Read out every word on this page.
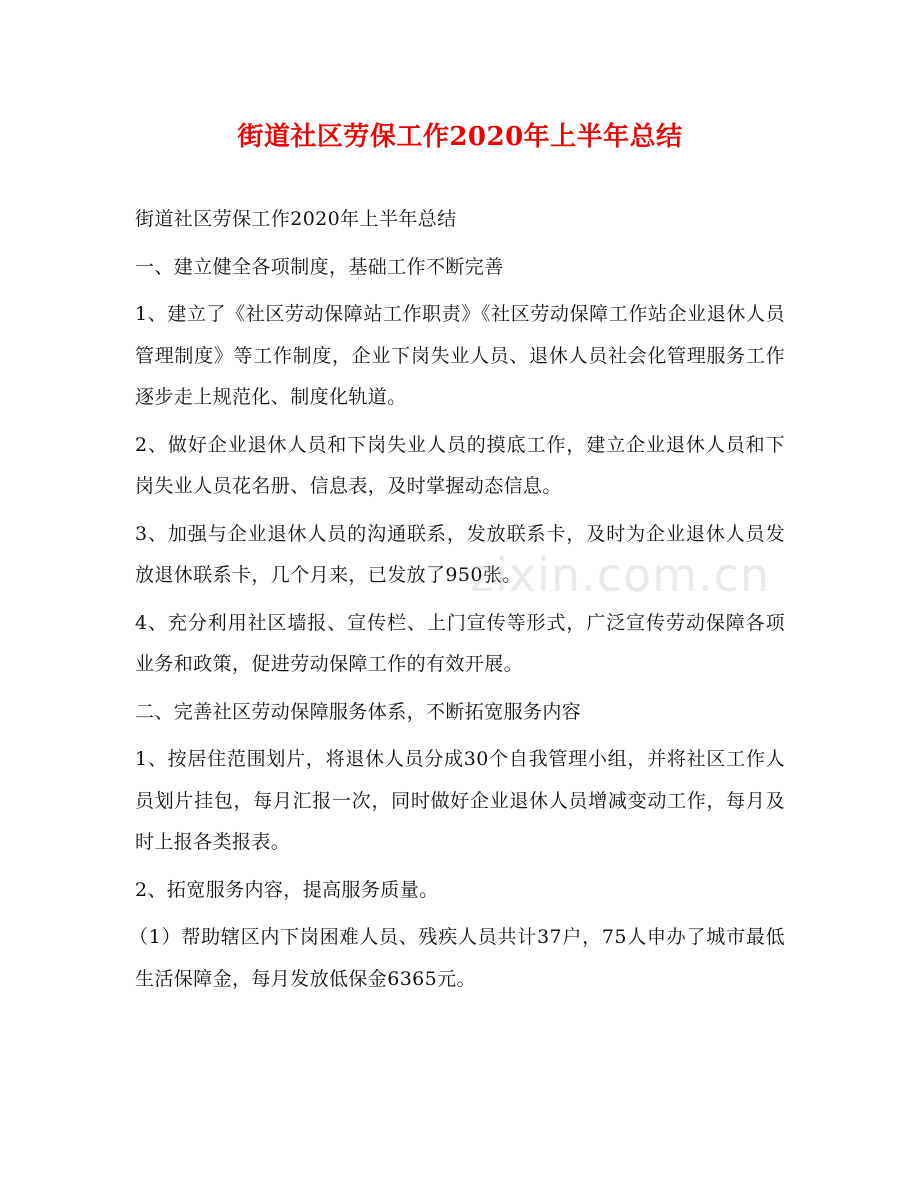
街道社区劳保工作2020年上半年总结

街道社区劳保工作2020年上半年总结

一、建立健全各项制度，基础工作不断完善

1、建立了《社区劳动保障站工作职责》《社区劳动保障工作站企业退休人员管理制度》等工作制度，企业下岗失业人员、退休人员社会化管理服务工作逐步走上规范化、制度化轨道。

2、做好企业退休人员和下岗失业人员的摸底工作，建立企业退休人员和下岗失业人员花名册、信息表，及时掌握动态信息。

3、加强与企业退休人员的沟通联系，发放联系卡，及时为企业退休人员发放退休联系卡，几个月来，已发放了950张。

4、充分利用社区墙报、宣传栏、上门宣传等形式，广泛宣传劳动保障各项业务和政策，促进劳动保障工作的有效开展。

二、完善社区劳动保障服务体系，不断拓宽服务内容

1、按居住范围划片，将退休人员分成30个自我管理小组，并将社区工作人员划片挂包，每月汇报一次，同时做好企业退休人员增减变动工作，每月及时上报各类报表。

2、拓宽服务内容，提高服务质量。

（1）帮助辖区内下岗困难人员、残疾人员共计37户，75人申办了城市最低生活保障金，每月发放低保金6365元。

zixin.com.cn
